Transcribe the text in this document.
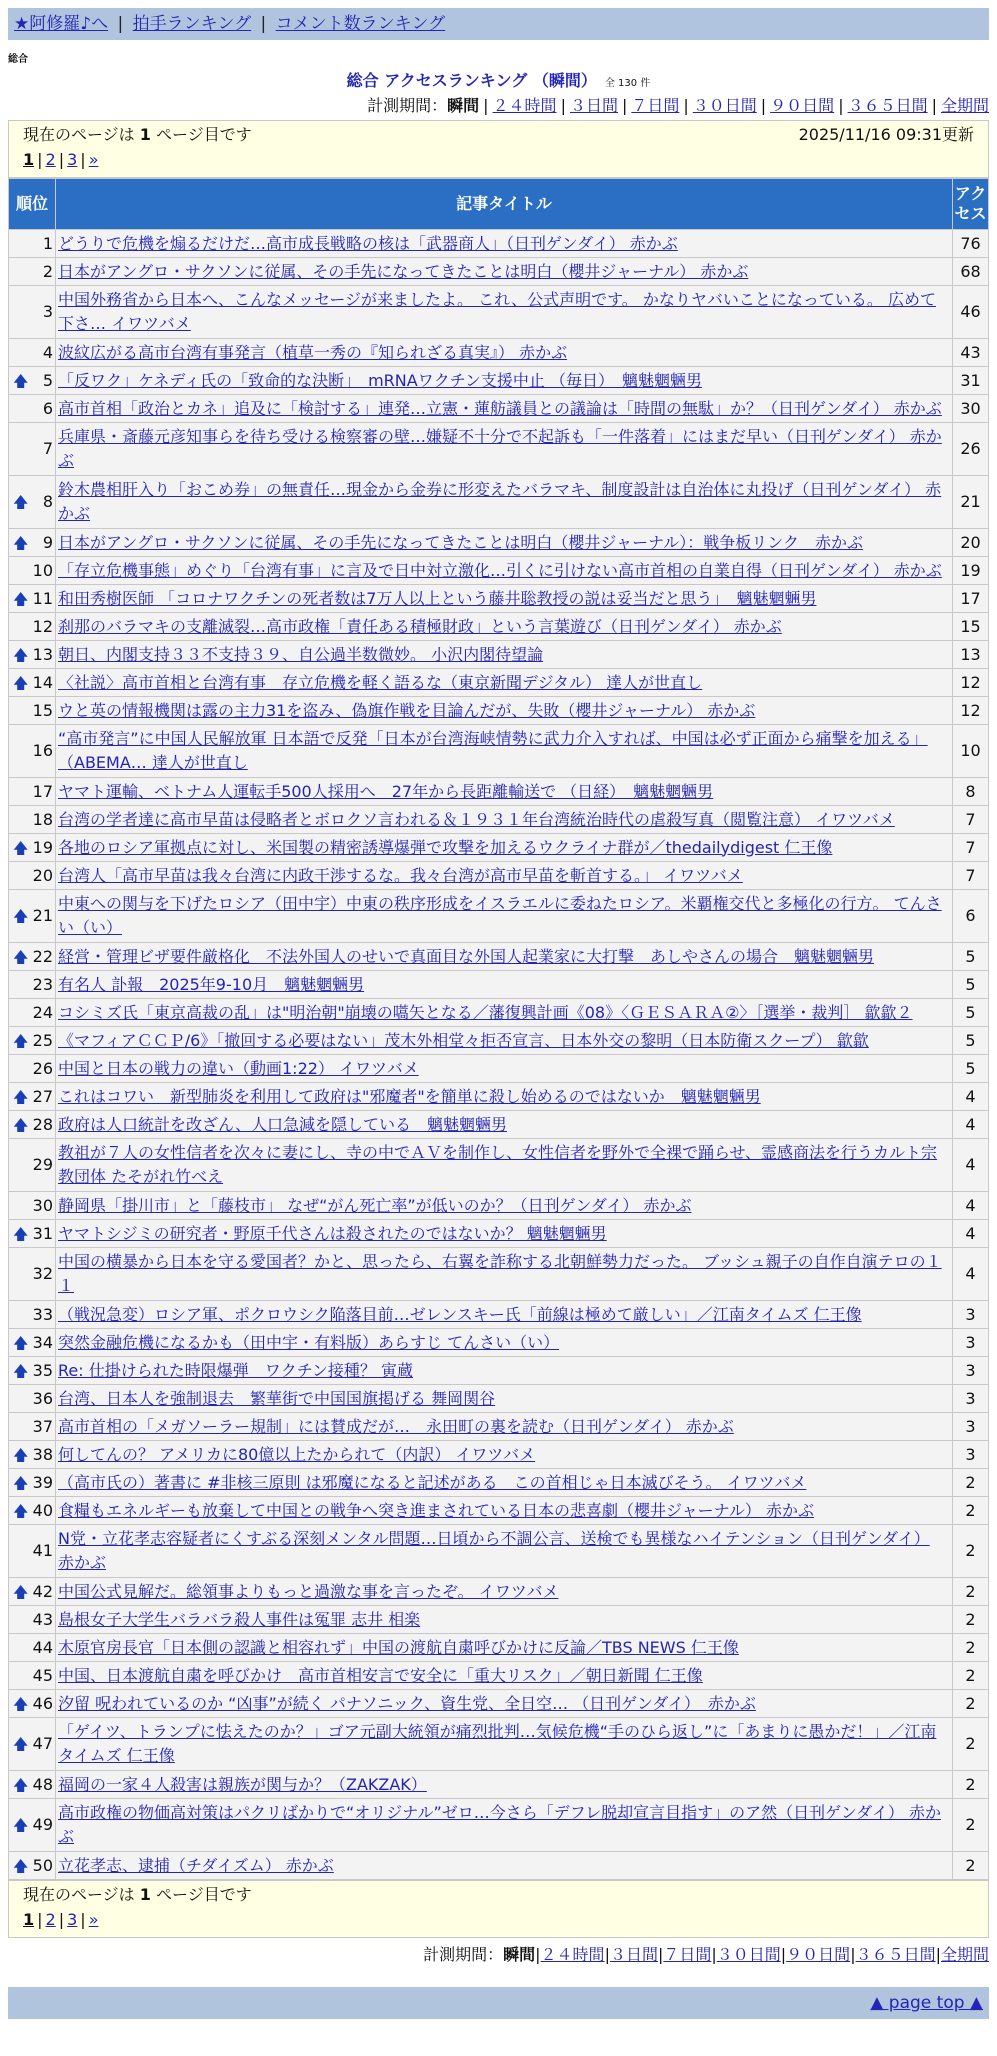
★阿修羅♪へ | 拍手ランキング | コメント数ランキング
総合
総合 アクセスランキング （瞬間） 全 130 件
計測期間：瞬間 | ２４時間 | ３日間 | ７日間 | ３０日間 | ９０日間 | ３６５日間 | 全期間
現在のページは 1 ページ目です	2025/11/16 09:31更新
1 | 2 | 3 | »
順位	記事タイトル	アクセス
1	どうりで危機を煽るだけだ…高市成長戦略の核は「武器商人」（日刊ゲンダイ） 赤かぶ	76
2	日本がアングロ・サクソンに従属、その手先になってきたことは明白（櫻井ジャーナル） 赤かぶ	68
3	中国外務省から日本へ、こんなメッセージが来ましたよ。 これ、公式声明です。 かなりヤバいことになっている。 広めて下さ… イワツバメ	46
4	波紋広がる高市台湾有事発言（植草一秀の『知られざる真実』） 赤かぶ	43

🡅 5	「反ワク」ケネディ氏の「致命的な決断」　mRNAワクチン支援中止 （毎日）　魑魅魍魎男	31
6	高市首相「政治とカネ」追及に「検討する」連発…立憲・蓮舫議員との議論は「時間の無駄」か？（日刊ゲンダイ） 赤かぶ	30
7	兵庫県・斎藤元彦知事らを待ち受ける検察審の壁…嫌疑不十分で不起訴も「一件落着」にはまだ早い（日刊ゲンダイ） 赤かぶ	26

🡅 8	鈴木農相肝入り「おこめ券」の無責任…現金から金券に形変えたバラマキ、制度設計は自治体に丸投げ（日刊ゲンダイ） 赤かぶ	21

🡅 9	日本がアングロ・サクソンに従属、その手先になってきたことは明白（櫻井ジャーナル）：戦争板リンク　赤かぶ	20
10	「存立危機事態」めぐり「台湾有事」に言及で日中対立激化…引くに引けない高市首相の自業自得（日刊ゲンダイ） 赤かぶ	19

🡅 11	和田秀樹医師 「コロナワクチンの死者数は7万人以上という藤井聡教授の説は妥当だと思う」　魑魅魍魎男	17
12	刹那のバラマキの支離滅裂…高市政権「責任ある積極財政」という言葉遊び（日刊ゲンダイ） 赤かぶ	15

🡅 13	朝日、内閣支持３３不支持３９、自公過半数微妙。 小沢内閣待望論	13

🡅 14	〈社説〉高市首相と台湾有事　存立危機を軽く語るな（東京新聞デジタル） 達人が世直し	12
15	ウと英の情報機関は露の主力31を盗み、偽旗作戦を目論んだが、失敗（櫻井ジャーナル） 赤かぶ	12
16	“高市発言”に中国人民解放軍 日本語で反発「日本が台湾海峡情勢に武力介入すれば、中国は必ず正面から痛撃を加える」（ABEMA… 達人が世直し	10
17	ヤマト運輸、ベトナム人運転手500人採用へ　27年から長距離輸送で （日経）　魑魅魍魎男	8
18	台湾の学者達に高市早苗は侵略者とボロクソ言われる＆１９３１年台湾統治時代の虐殺写真（閲覧注意） イワツバメ	7

🡅 19	各地のロシア軍拠点に対し、米国製の精密誘導爆弾で攻撃を加えるウクライナ群が／thedailydigest 仁王像	7
20	台湾人「高市早苗は我々台湾に内政干渉するな。我々台湾が高市早苗を斬首する。」 イワツバメ	7

🡅 21	中東への関与を下げたロシア（田中宇）中東の秩序形成をイスラエルに委ねたロシア。米覇権交代と多極化の行方。 てんさい（い）	6

🡅 22	経営・管理ビザ要件厳格化　不法外国人のせいで真面目な外国人起業家に大打撃　あしやさんの場合　魑魅魍魎男	5
23	有名人 訃報　2025年9-10月　魑魅魍魎男	5
24	コシミズ氏「東京高裁の乱」は"明治朝"崩壊の嚆矢となる／藩復興計画《08》〈ＧＥＳＡＲＡ②〉［選挙・裁判］ 歙歙２	5

🡅 25	《マフィアＣＣＰ/6》「撤回する必要はない」茂木外相堂々拒否宣言、日本外交の黎明（日本防衛スクープ） 歙歙	5
26	中国と日本の戦力の違い（動画1:22） イワツバメ	5

🡅 27	これはコワい　新型肺炎を利用して政府は"邪魔者"を簡単に殺し始めるのではないか　魑魅魍魎男	4

🡅 28	政府は人口統計を改ざん、人口急減を隠している　魑魅魍魎男	4
29	教祖が７人の女性信者を次々に妻にし、寺の中でＡＶを制作し、女性信者を野外で全裸で踊らせ、霊感商法を行うカルト宗教団体 たそがれ竹べえ	4
30	静岡県「掛川市」と「藤枝市」 なぜ“がん死亡率”が低いのか？（日刊ゲンダイ） 赤かぶ	4

🡅 31	ヤマトシジミの研究者・野原千代さんは殺されたのではないか？ 魑魅魍魎男	4
32	中国の横暴から日本を守る愛国者？かと、思ったら、右翼を詐称する北朝鮮勢力だった。 ブッシュ親子の自作自演テロの１１	4
33	（戦況急変）ロシア軍、ポクロウシク陥落目前…ゼレンスキー氏「前線は極めて厳しい」／江南タイムズ 仁王像	3

🡅 34	突然金融危機になるかも（田中宇・有料版）あらすじ てんさい（い）	3

🡅 35	Re: 仕掛けられた時限爆弾　ワクチン接種？ 寅蔵	3
36	台湾、日本人を強制退去　繁華街で中国国旗掲げる 舞岡関谷	3
37	高市首相の「メガソーラー規制」には賛成だが…　永田町の裏を読む（日刊ゲンダイ） 赤かぶ	3

🡅 38	何してんの？ アメリカに80億以上たかられて（内訳） イワツバメ	3

🡅 39	（高市氏の）著書に #非核三原則 は邪魔になると記述がある　この首相じゃ日本滅びそう。 イワツバメ	2

🡅 40	食糧もエネルギーも放棄して中国との戦争へ突き進まされている日本の悲喜劇（櫻井ジャーナル） 赤かぶ	2
41	N党・立花孝志容疑者にくすぶる深刻メンタル問題…日頃から不調公言、送検でも異様なハイテンション（日刊ゲンダイ） 赤かぶ	2

🡅 42	中国公式見解だ。総領事よりもっと過激な事を言ったぞ。 イワツバメ	2
43	島根女子大学生バラバラ殺人事件は冤罪 志井 相楽	2
44	木原官房長官「日本側の認識と相容れず」中国の渡航自粛呼びかけに反論／TBS NEWS 仁王像	2
45	中国、日本渡航自粛を呼びかけ　高市首相安言で安全に「重大リスク」／朝日新聞 仁王像	2

🡅 46	汐留 呪われているのか “凶事”が続く パナソニック、資生党、全日空… （日刊ゲンダイ）　赤かぶ	2

🡅 47	「ゲイツ、トランプに怯えたのか？」ゴア元副大統領が痛烈批判…気候危機“手のひら返し”に「あまりに愚かだ！」／江南タイムズ 仁王像	2

🡅 48	福岡の一家４人殺害は親族が関与か？（ZAKZAK）	2

🡅 49	高市政権の物価高対策はパクリばかりで“オリジナル”ゼロ…今さら「デフレ脱却宣言目指す」のア然（日刊ゲンダイ） 赤かぶ	2

🡅 50	立花孝志、逮捕（チダイズム） 赤かぶ	2
現在のページは 1 ページ目です
1 | 2 | 3 | »
計測期間：瞬間|２４時間|３日間|７日間|３０日間|９０日間|３６５日間|全期間
▲ page top ▲
